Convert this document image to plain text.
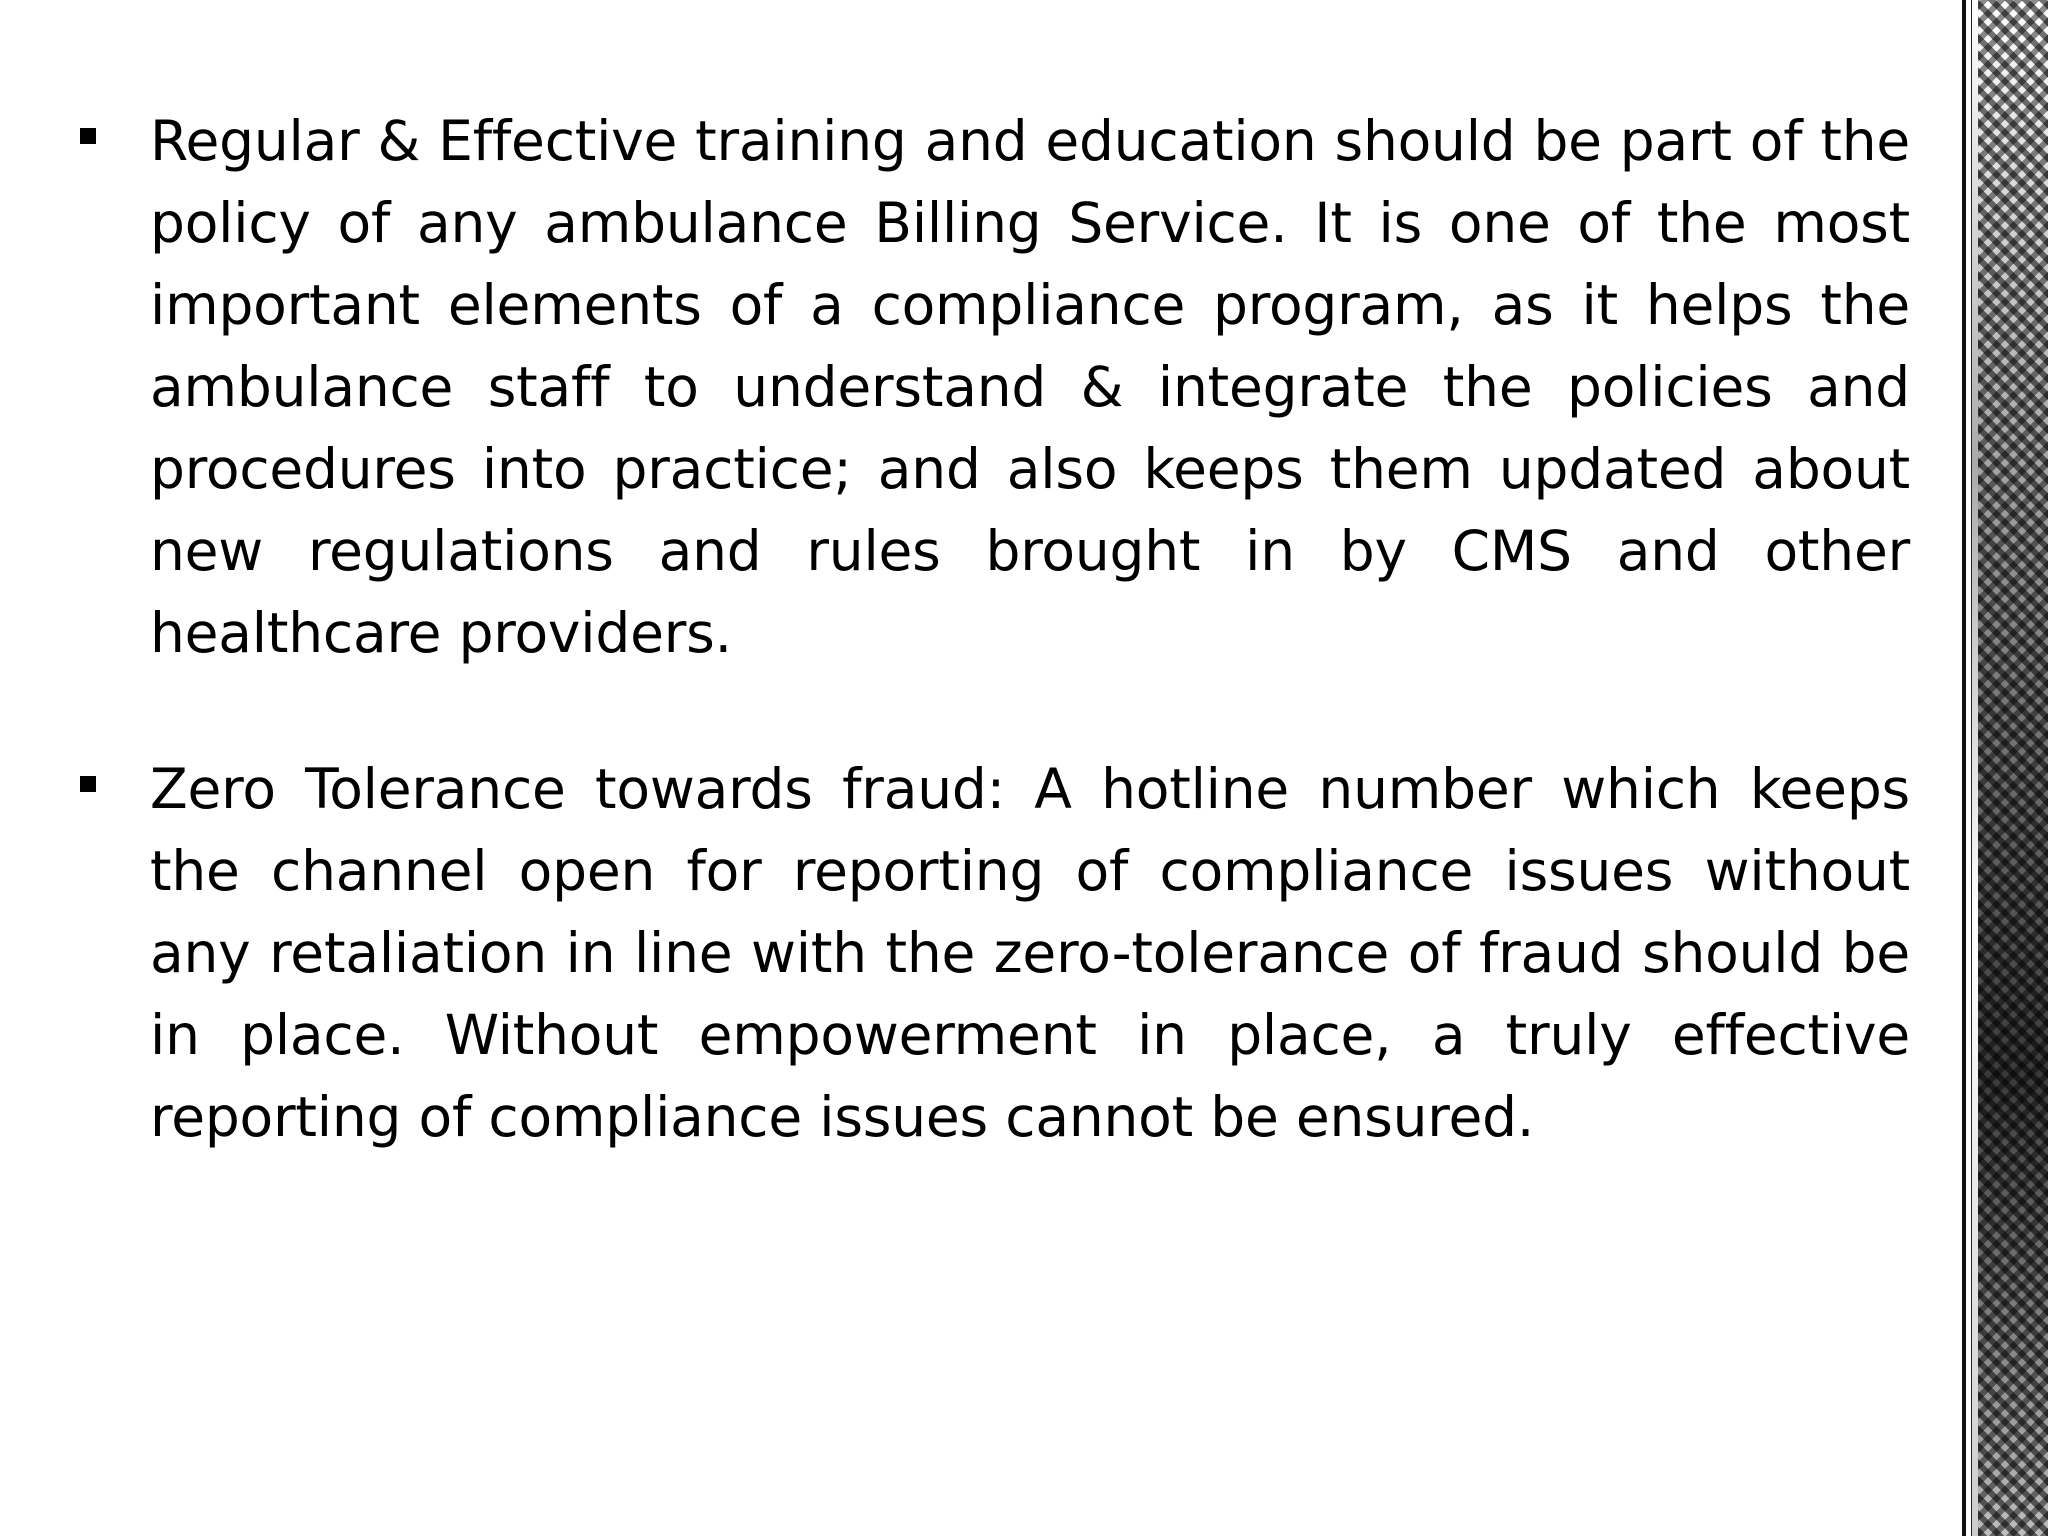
Regular & Effective training and education should be part of the policy of any ambulance Billing Service. It is one of the most important elements of a compliance program, as it helps the ambulance staff to understand & integrate the policies and procedures into practice; and also keeps them updated about new regulations and rules brought in by CMS and other healthcare providers.

Zero Tolerance towards fraud: A hotline number which keeps the channel open for reporting of compliance issues without any retaliation in line with the zero-tolerance of fraud should be in place. Without empowerment in place, a truly effective reporting of compliance issues cannot be ensured.
